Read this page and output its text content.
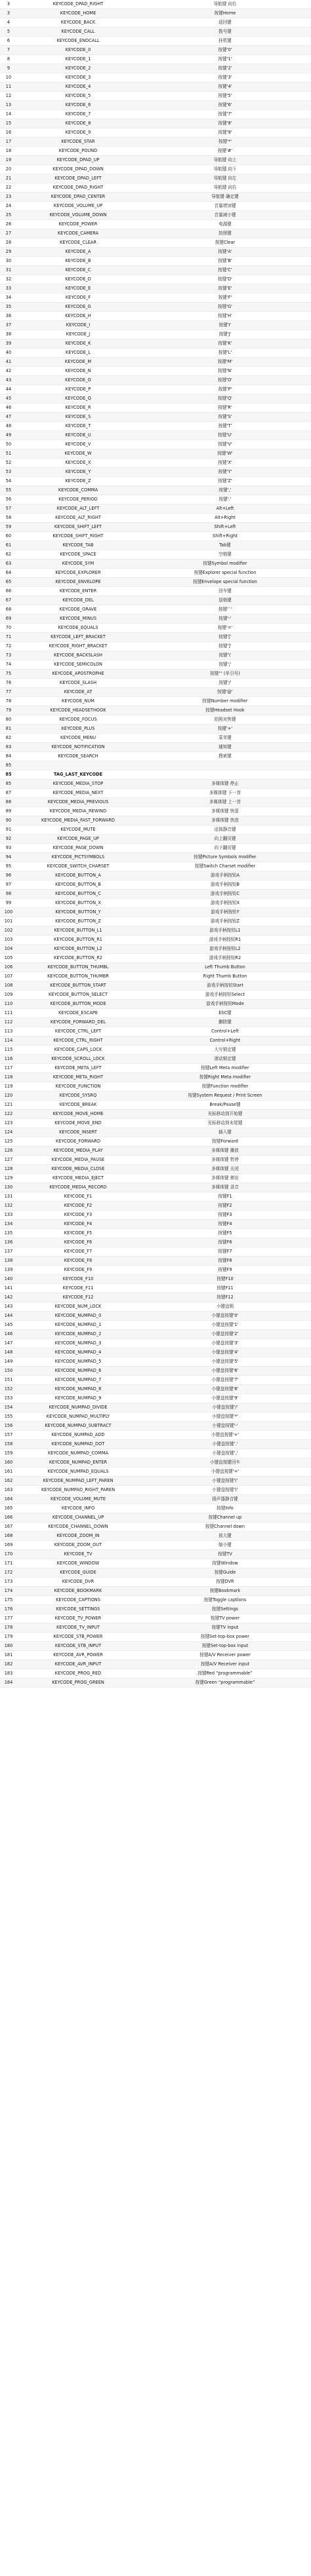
3	KEYCODE_DPAD_RIGHT	导航键 向右
3	KEYCODE_HOME	按键Home
4	KEYCODE_BACK	返回键
5	KEYCODE_CALL	拨号键
6	KEYCODE_ENDCALL	挂机键
7	KEYCODE_0	按键'0'
8	KEYCODE_1	按键'1'
9	KEYCODE_2	按键'2'
10	KEYCODE_3	按键'3'
11	KEYCODE_4	按键'4'
12	KEYCODE_5	按键'5'
13	KEYCODE_6	按键'6'
14	KEYCODE_7	按键'7'
15	KEYCODE_8	按键'8'
16	KEYCODE_9	按键'9'
17	KEYCODE_STAR	按键'*'
18	KEYCODE_POUND	按键'#'
19	KEYCODE_DPAD_UP	导航键 向上
20	KEYCODE_DPAD_DOWN	导航键 向下
21	KEYCODE_DPAD_LEFT	导航键 向左
22	KEYCODE_DPAD_RIGHT	导航键 向右
23	KEYCODE_DPAD_CENTER	导航键 确定键
24	KEYCODE_VOLUME_UP	音量增加键
25	KEYCODE_VOLUME_DOWN	音量减小键
26	KEYCODE_POWER	电源键
27	KEYCODE_CAMERA	拍照键
28	KEYCODE_CLEAR	按键Clear
29	KEYCODE_A	按键'A'
30	KEYCODE_B	按键'B'
31	KEYCODE_C	按键'C'
32	KEYCODE_D	按键'D'
33	KEYCODE_E	按键'E'
34	KEYCODE_F	按键'F'
35	KEYCODE_G	按键'G'
36	KEYCODE_H	按键'H'
37	KEYCODE_I	按键'I'
38	KEYCODE_J	按键'J'
39	KEYCODE_K	按键'K'
40	KEYCODE_L	按键'L'
41	KEYCODE_M	按键'M'
42	KEYCODE_N	按键'N'
43	KEYCODE_O	按键'O'
44	KEYCODE_P	按键'P'
45	KEYCODE_Q	按键'Q'
46	KEYCODE_R	按键'R'
47	KEYCODE_S	按键'S'
48	KEYCODE_T	按键'T'
49	KEYCODE_U	按键'U'
50	KEYCODE_V	按键'V'
51	KEYCODE_W	按键'W'
52	KEYCODE_X	按键'X'
53	KEYCODE_Y	按键'Y'
54	KEYCODE_Z	按键'Z'
55	KEYCODE_COMMA	按键','
56	KEYCODE_PERIOD	按键'.'
57	KEYCODE_ALT_LEFT	Alt+Left
58	KEYCODE_ALT_RIGHT	Alt+Right
59	KEYCODE_SHIFT_LEFT	Shift+Left
60	KEYCODE_SHIFT_RIGHT	Shift+Right
61	KEYCODE_TAB	Tab键
62	KEYCODE_SPACE	空格键
63	KEYCODE_SYM	按键Symbol modifier
64	KEYCODE_EXPLORER	按键Explorer special function
65	KEYCODE_ENVELOPE	按键Envelope special function
66	KEYCODE_ENTER	回车键
67	KEYCODE_DEL	退格键
68	KEYCODE_GRAVE	按键'`'
69	KEYCODE_MINUS	按键'-'
70	KEYCODE_EQUALS	按键'='
71	KEYCODE_LEFT_BRACKET	按键'['
72	KEYCODE_RIGHT_BRACKET	按键']'
73	KEYCODE_BACKSLASH	按键'\'
74	KEYCODE_SEMICOLON	按键';'
75	KEYCODE_APOSTROPHE	按键''' (单引号)
76	KEYCODE_SLASH	按键'/'
77	KEYCODE_AT	按键'@'
78	KEYCODE_NUM	按键Number modifier
79	KEYCODE_HEADSETHOOK	按键Headset Hook
80	KEYCODE_FOCUS	拍照对焦键
81	KEYCODE_PLUS	按键'+'
82	KEYCODE_MENU	菜单键
83	KEYCODE_NOTIFICATION	通知键
84	KEYCODE_SEARCH	搜索键
85		
85	TAG_LAST_KEYCODE	
85	KEYCODE_MEDIA_STOP	多媒体键 停止
87	KEYCODE_MEDIA_NEXT	多媒体键 下一首
88	KEYCODE_MEDIA_PREVIOUS	多媒体键 上一首
89	KEYCODE_MEDIA_REWIND	多媒体键 快退
90	KEYCODE_MEDIA_FAST_FORWARD	多媒体键 快进
91	KEYCODE_MUTE	话筒静音键
92	KEYCODE_PAGE_UP	向上翻页键
93	KEYCODE_PAGE_DOWN	向下翻页键
94	KEYCODE_PICTSYMBOLS	按键Picture Symbols modifier
95	KEYCODE_SWITCH_CHARSET	按键Switch Charset modifier
96	KEYCODE_BUTTON_A	游戏手柄按钮A
97	KEYCODE_BUTTON_B	游戏手柄按钮B
98	KEYCODE_BUTTON_C	游戏手柄按钮C
99	KEYCODE_BUTTON_X	游戏手柄按钮X
100	KEYCODE_BUTTON_Y	游戏手柄按钮Y
101	KEYCODE_BUTTON_Z	游戏手柄按钮Z
102	KEYCODE_BUTTON_L1	游戏手柄按钮L1
103	KEYCODE_BUTTON_R1	游戏手柄按钮R1
104	KEYCODE_BUTTON_L2	游戏手柄按钮L2
105	KEYCODE_BUTTON_R2	游戏手柄按钮R2
106	KEYCODE_BUTTON_THUMBL	Left Thumb Button
107	KEYCODE_BUTTON_THUMBR	Right Thumb Button
108	KEYCODE_BUTTON_START	游戏手柄按钮Start
109	KEYCODE_BUTTON_SELECT	游戏手柄按钮Select
110	KEYCODE_BUTTON_MODE	游戏手柄按钮Mode
111	KEYCODE_ESCAPE	ESC键
112	KEYCODE_FORWARD_DEL	删除键
113	KEYCODE_CTRL_LEFT	Control+Left
114	KEYCODE_CTRL_RIGHT	Control+Right
115	KEYCODE_CAPS_LOCK	大写锁定键
116	KEYCODE_SCROLL_LOCK	滚动锁定键
117	KEYCODE_META_LEFT	按键Left Meta modifier
118	KEYCODE_META_RIGHT	按键Right Meta modifier
119	KEYCODE_FUNCTION	按键Function modifier
120	KEYCODE_SYSRQ	按键System Request / Print Screen
121	KEYCODE_BREAK	Break/Pause键
122	KEYCODE_MOVE_HOME	光标移动到开始键
123	KEYCODE_MOVE_END	光标移动到末尾键
124	KEYCODE_INSERT	插入键
125	KEYCODE_FORWARD	按键Forward
126	KEYCODE_MEDIA_PLAY	多媒体键 播放
127	KEYCODE_MEDIA_PAUSE	多媒体键 暂停
128	KEYCODE_MEDIA_CLOSE	多媒体键 关闭
129	KEYCODE_MEDIA_EJECT	多媒体键 弹出
130	KEYCODE_MEDIA_RECORD	多媒体键 录音
131	KEYCODE_F1	按键F1
132	KEYCODE_F2	按键F2
133	KEYCODE_F3	按键F3
134	KEYCODE_F4	按键F4
135	KEYCODE_F5	按键F5
136	KEYCODE_F6	按键F6
137	KEYCODE_F7	按键F7
138	KEYCODE_F8	按键F8
139	KEYCODE_F9	按键F9
140	KEYCODE_F10	按键F10
141	KEYCODE_F11	按键F11
142	KEYCODE_F12	按键F12
143	KEYCODE_NUM_LOCK	小键盘锁
144	KEYCODE_NUMPAD_0	小键盘按键'0'
145	KEYCODE_NUMPAD_1	小键盘按键'1'
146	KEYCODE_NUMPAD_2	小键盘按键'2'
147	KEYCODE_NUMPAD_3	小键盘按键'3'
148	KEYCODE_NUMPAD_4	小键盘按键'4'
149	KEYCODE_NUMPAD_5	小键盘按键'5'
150	KEYCODE_NUMPAD_6	小键盘按键'6'
151	KEYCODE_NUMPAD_7	小键盘按键'7'
152	KEYCODE_NUMPAD_8	小键盘按键'8'
153	KEYCODE_NUMPAD_9	小键盘按键'9'
154	KEYCODE_NUMPAD_DIVIDE	小键盘按键'/'
155	KEYCODE_NUMPAD_MULTIPLY	小键盘按键'*'
156	KEYCODE_NUMPAD_SUBTRACT	小键盘按键'-'
157	KEYCODE_NUMPAD_ADD	小键盘按键'+'
158	KEYCODE_NUMPAD_DOT	小键盘按键'.'
159	KEYCODE_NUMPAD_COMMA	小键盘按键','
160	KEYCODE_NUMPAD_ENTER	小键盘按键回车
161	KEYCODE_NUMPAD_EQUALS	小键盘按键'='
162	KEYCODE_NUMPAD_LEFT_PAREN	小键盘按键'('
163	KEYCODE_NUMPAD_RIGHT_PAREN	小键盘按键')'
164	KEYCODE_VOLUME_MUTE	扬声器静音键
165	KEYCODE_INFO	按键Info
166	KEYCODE_CHANNEL_UP	按键Channel up
167	KEYCODE_CHANNEL_DOWN	按键Channel down
168	KEYCODE_ZOOM_IN	放大键
169	KEYCODE_ZOOM_OUT	缩小键
170	KEYCODE_TV	按键TV
171	KEYCODE_WINDOW	按键Window
172	KEYCODE_GUIDE	按键Guide
173	KEYCODE_DVR	按键DVR
174	KEYCODE_BOOKMARK	按键Bookmark
175	KEYCODE_CAPTIONS	按键Toggle captions
176	KEYCODE_SETTINGS	按键Settings
177	KEYCODE_TV_POWER	按键TV power
178	KEYCODE_TV_INPUT	按键TV input
179	KEYCODE_STB_POWER	按键Set-top-box power
180	KEYCODE_STB_INPUT	按键Set-top-box input
181	KEYCODE_AVR_POWER	按键A/V Receiver power
182	KEYCODE_AVR_INPUT	按键A/V Receiver input
183	KEYCODE_PROG_RED	按键Red “programmable”
184	KEYCODE_PROG_GREEN	按键Green “programmable”
